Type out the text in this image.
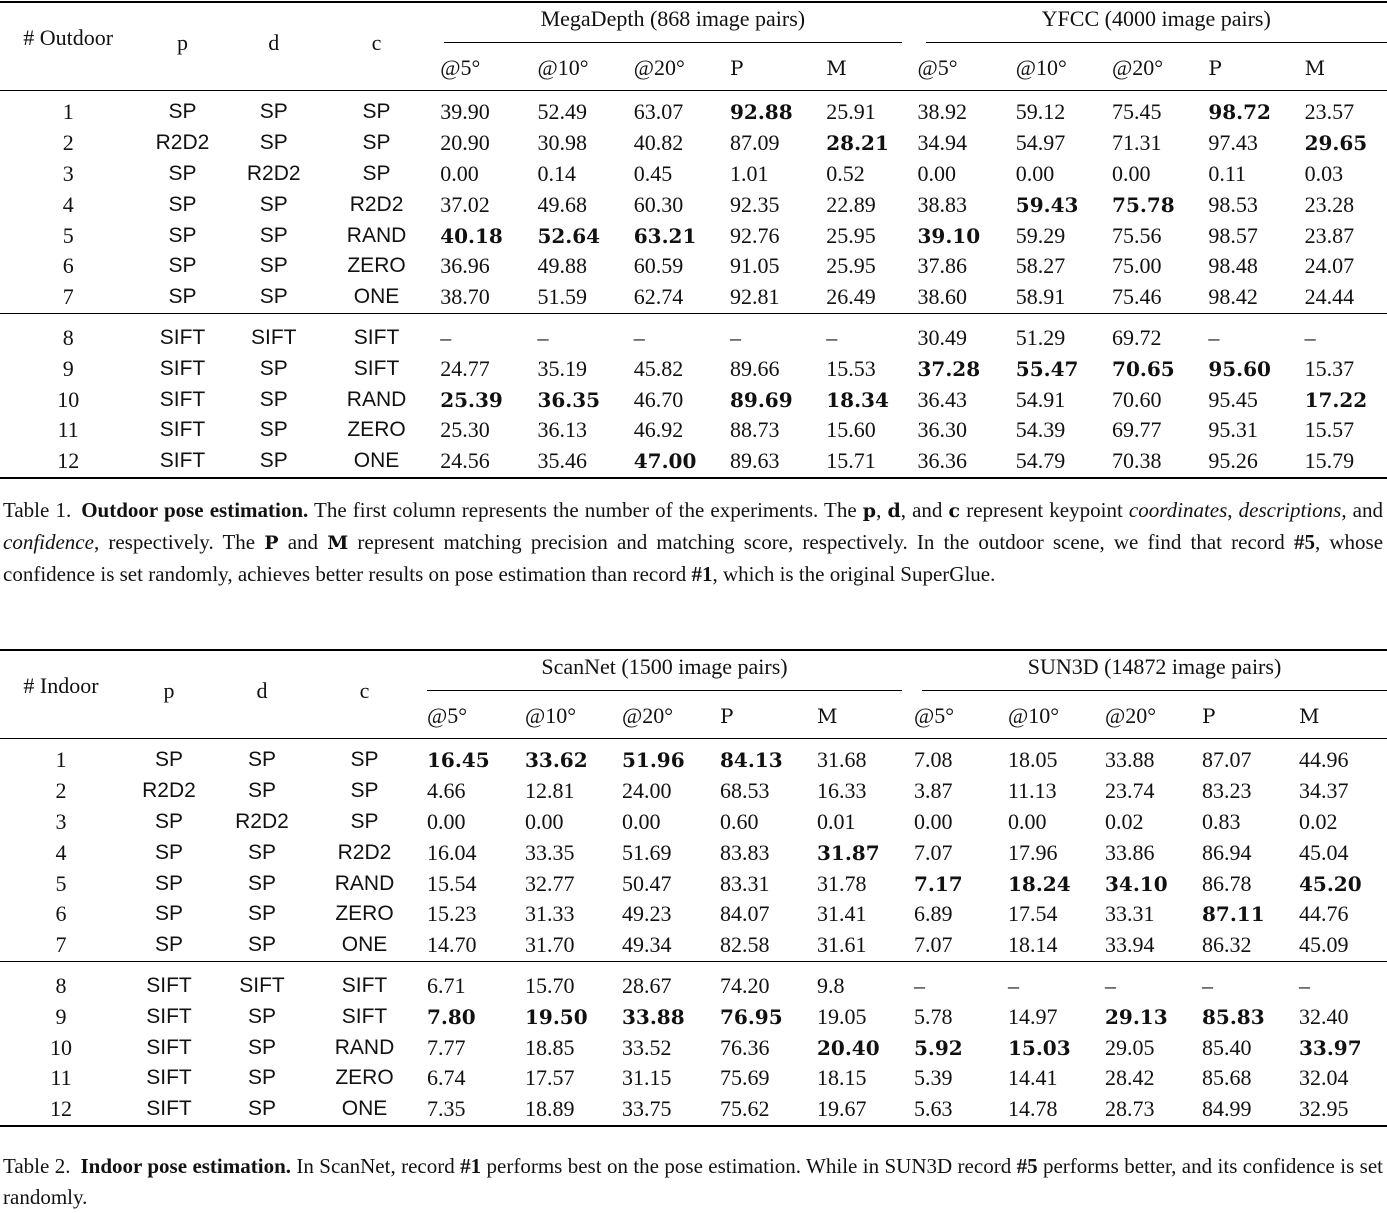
# Outdoor	p	d	c	MegaDepth (868 image pairs)					YFCC (4000 image pairs)				

				@5°	@10°	@20°	P	M	@5°	@10°	@20°	P	M
1	SP	SP	SP	39.90	52.49	63.07	92.88	25.91	38.92	59.12	75.45	98.72	23.57
2	R2D2	SP	SP	20.90	30.98	40.82	87.09	28.21	34.94	54.97	71.31	97.43	29.65
3	SP	R2D2	SP	0.00	0.14	0.45	1.01	0.52	0.00	0.00	0.00	0.11	0.03
4	SP	SP	R2D2	37.02	49.68	60.30	92.35	22.89	38.83	59.43	75.78	98.53	23.28
5	SP	SP	RAND	40.18	52.64	63.21	92.76	25.95	39.10	59.29	75.56	98.57	23.87
6	SP	SP	ZERO	36.96	49.88	60.59	91.05	25.95	37.86	58.27	75.00	98.48	24.07
7	SP	SP	ONE	38.70	51.59	62.74	92.81	26.49	38.60	58.91	75.46	98.42	24.44
8	SIFT	SIFT	SIFT	–	–	–	–	–	30.49	51.29	69.72	–	–
9	SIFT	SP	SIFT	24.77	35.19	45.82	89.66	15.53	37.28	55.47	70.65	95.60	15.37
10	SIFT	SP	RAND	25.39	36.35	46.70	89.69	18.34	36.43	54.91	70.60	95.45	17.22
11	SIFT	SP	ZERO	25.30	36.13	46.92	88.73	15.60	36.30	54.39	69.77	95.31	15.57
12	SIFT	SP	ONE	24.56	35.46	47.00	89.63	15.71	36.36	54.79	70.38	95.26	15.79
Table 1. Outdoor pose estimation. The first column represents the number of the experiments. The p, d, and c represent keypoint coordinates, descriptions, and confidence, respectively. The P and M represent matching precision and matching score, respectively. In the outdoor scene, we find that record #5, whose confidence is set randomly, achieves better results on pose estimation than record #1, which is the original SuperGlue.
# Indoor	p	d	c	ScanNet (1500 image pairs)					SUN3D (14872 image pairs)				

				@5°	@10°	@20°	P	M	@5°	@10°	@20°	P	M
1	SP	SP	SP	16.45	33.62	51.96	84.13	31.68	7.08	18.05	33.88	87.07	44.96
2	R2D2	SP	SP	4.66	12.81	24.00	68.53	16.33	3.87	11.13	23.74	83.23	34.37
3	SP	R2D2	SP	0.00	0.00	0.00	0.60	0.01	0.00	0.00	0.02	0.83	0.02
4	SP	SP	R2D2	16.04	33.35	51.69	83.83	31.87	7.07	17.96	33.86	86.94	45.04
5	SP	SP	RAND	15.54	32.77	50.47	83.31	31.78	7.17	18.24	34.10	86.78	45.20
6	SP	SP	ZERO	15.23	31.33	49.23	84.07	31.41	6.89	17.54	33.31	87.11	44.76
7	SP	SP	ONE	14.70	31.70	49.34	82.58	31.61	7.07	18.14	33.94	86.32	45.09
8	SIFT	SIFT	SIFT	6.71	15.70	28.67	74.20	9.8	–	–	–	–	–
9	SIFT	SP	SIFT	7.80	19.50	33.88	76.95	19.05	5.78	14.97	29.13	85.83	32.40
10	SIFT	SP	RAND	7.77	18.85	33.52	76.36	20.40	5.92	15.03	29.05	85.40	33.97
11	SIFT	SP	ZERO	6.74	17.57	31.15	75.69	18.15	5.39	14.41	28.42	85.68	32.04
12	SIFT	SP	ONE	7.35	18.89	33.75	75.62	19.67	5.63	14.78	28.73	84.99	32.95
Table 2. Indoor pose estimation. In ScanNet, record #1 performs best on the pose estimation. While in SUN3D record #5 performs better, and its confidence is set randomly.
